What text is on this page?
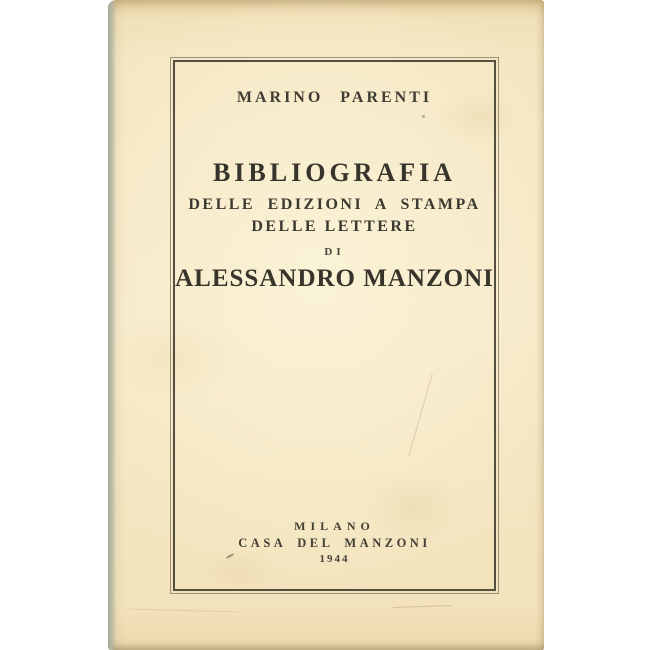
MARINO PARENTI
BIBLIOGRAFIA
DELLE EDIZIONI A STAMPA
DELLE LETTERE
DI
ALESSANDRO MANZONI
MILANO
CASA DEL MANZONI
1944
